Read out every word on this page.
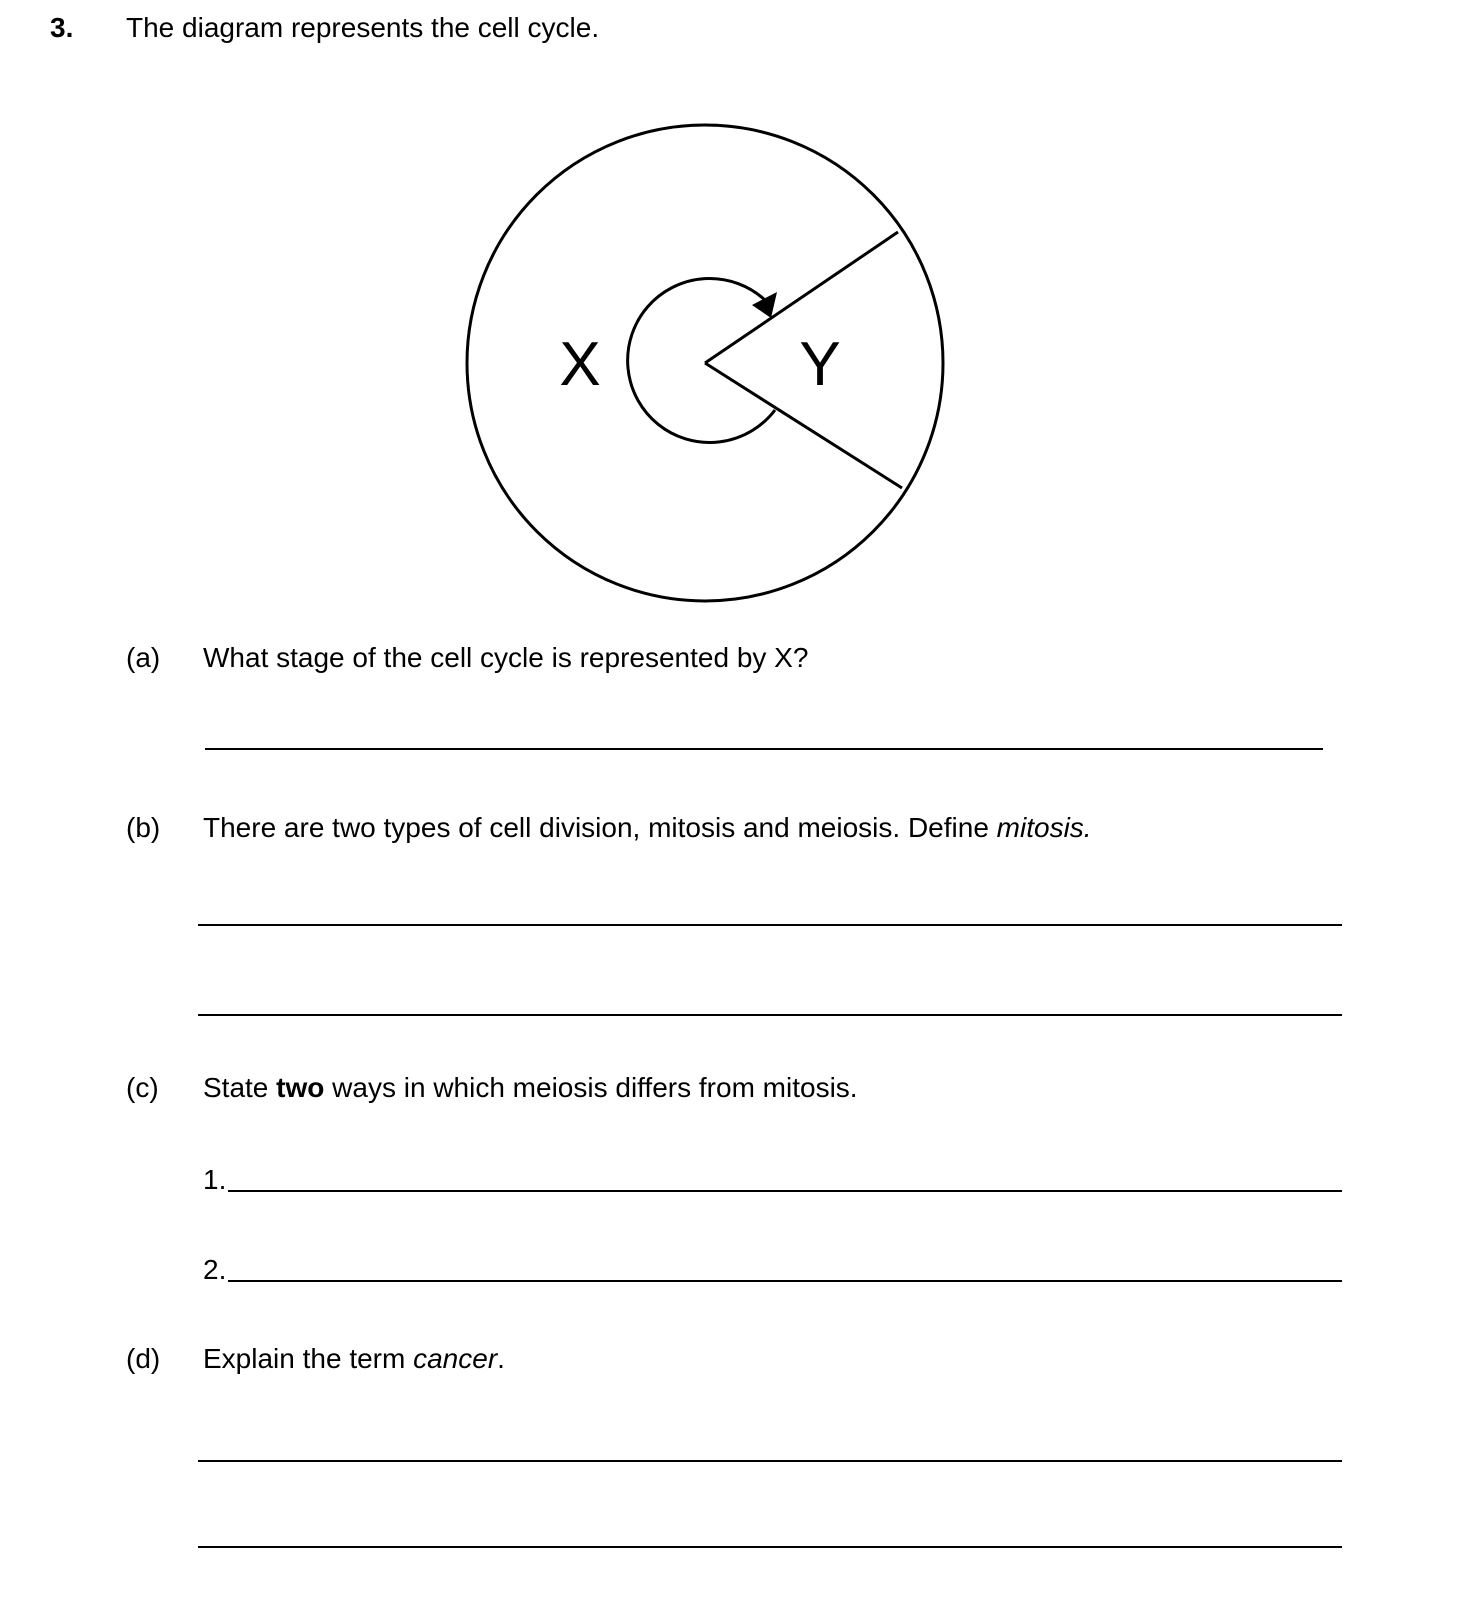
3. The diagram represents the cell cycle.
X	Y
(a) What stage of the cell cycle is represented by X?
(b) There are two types of cell division, mitosis and meiosis. Define mitosis.
(c) State two ways in which meiosis differs from mitosis.
1.
2.
(d) Explain the term cancer.
